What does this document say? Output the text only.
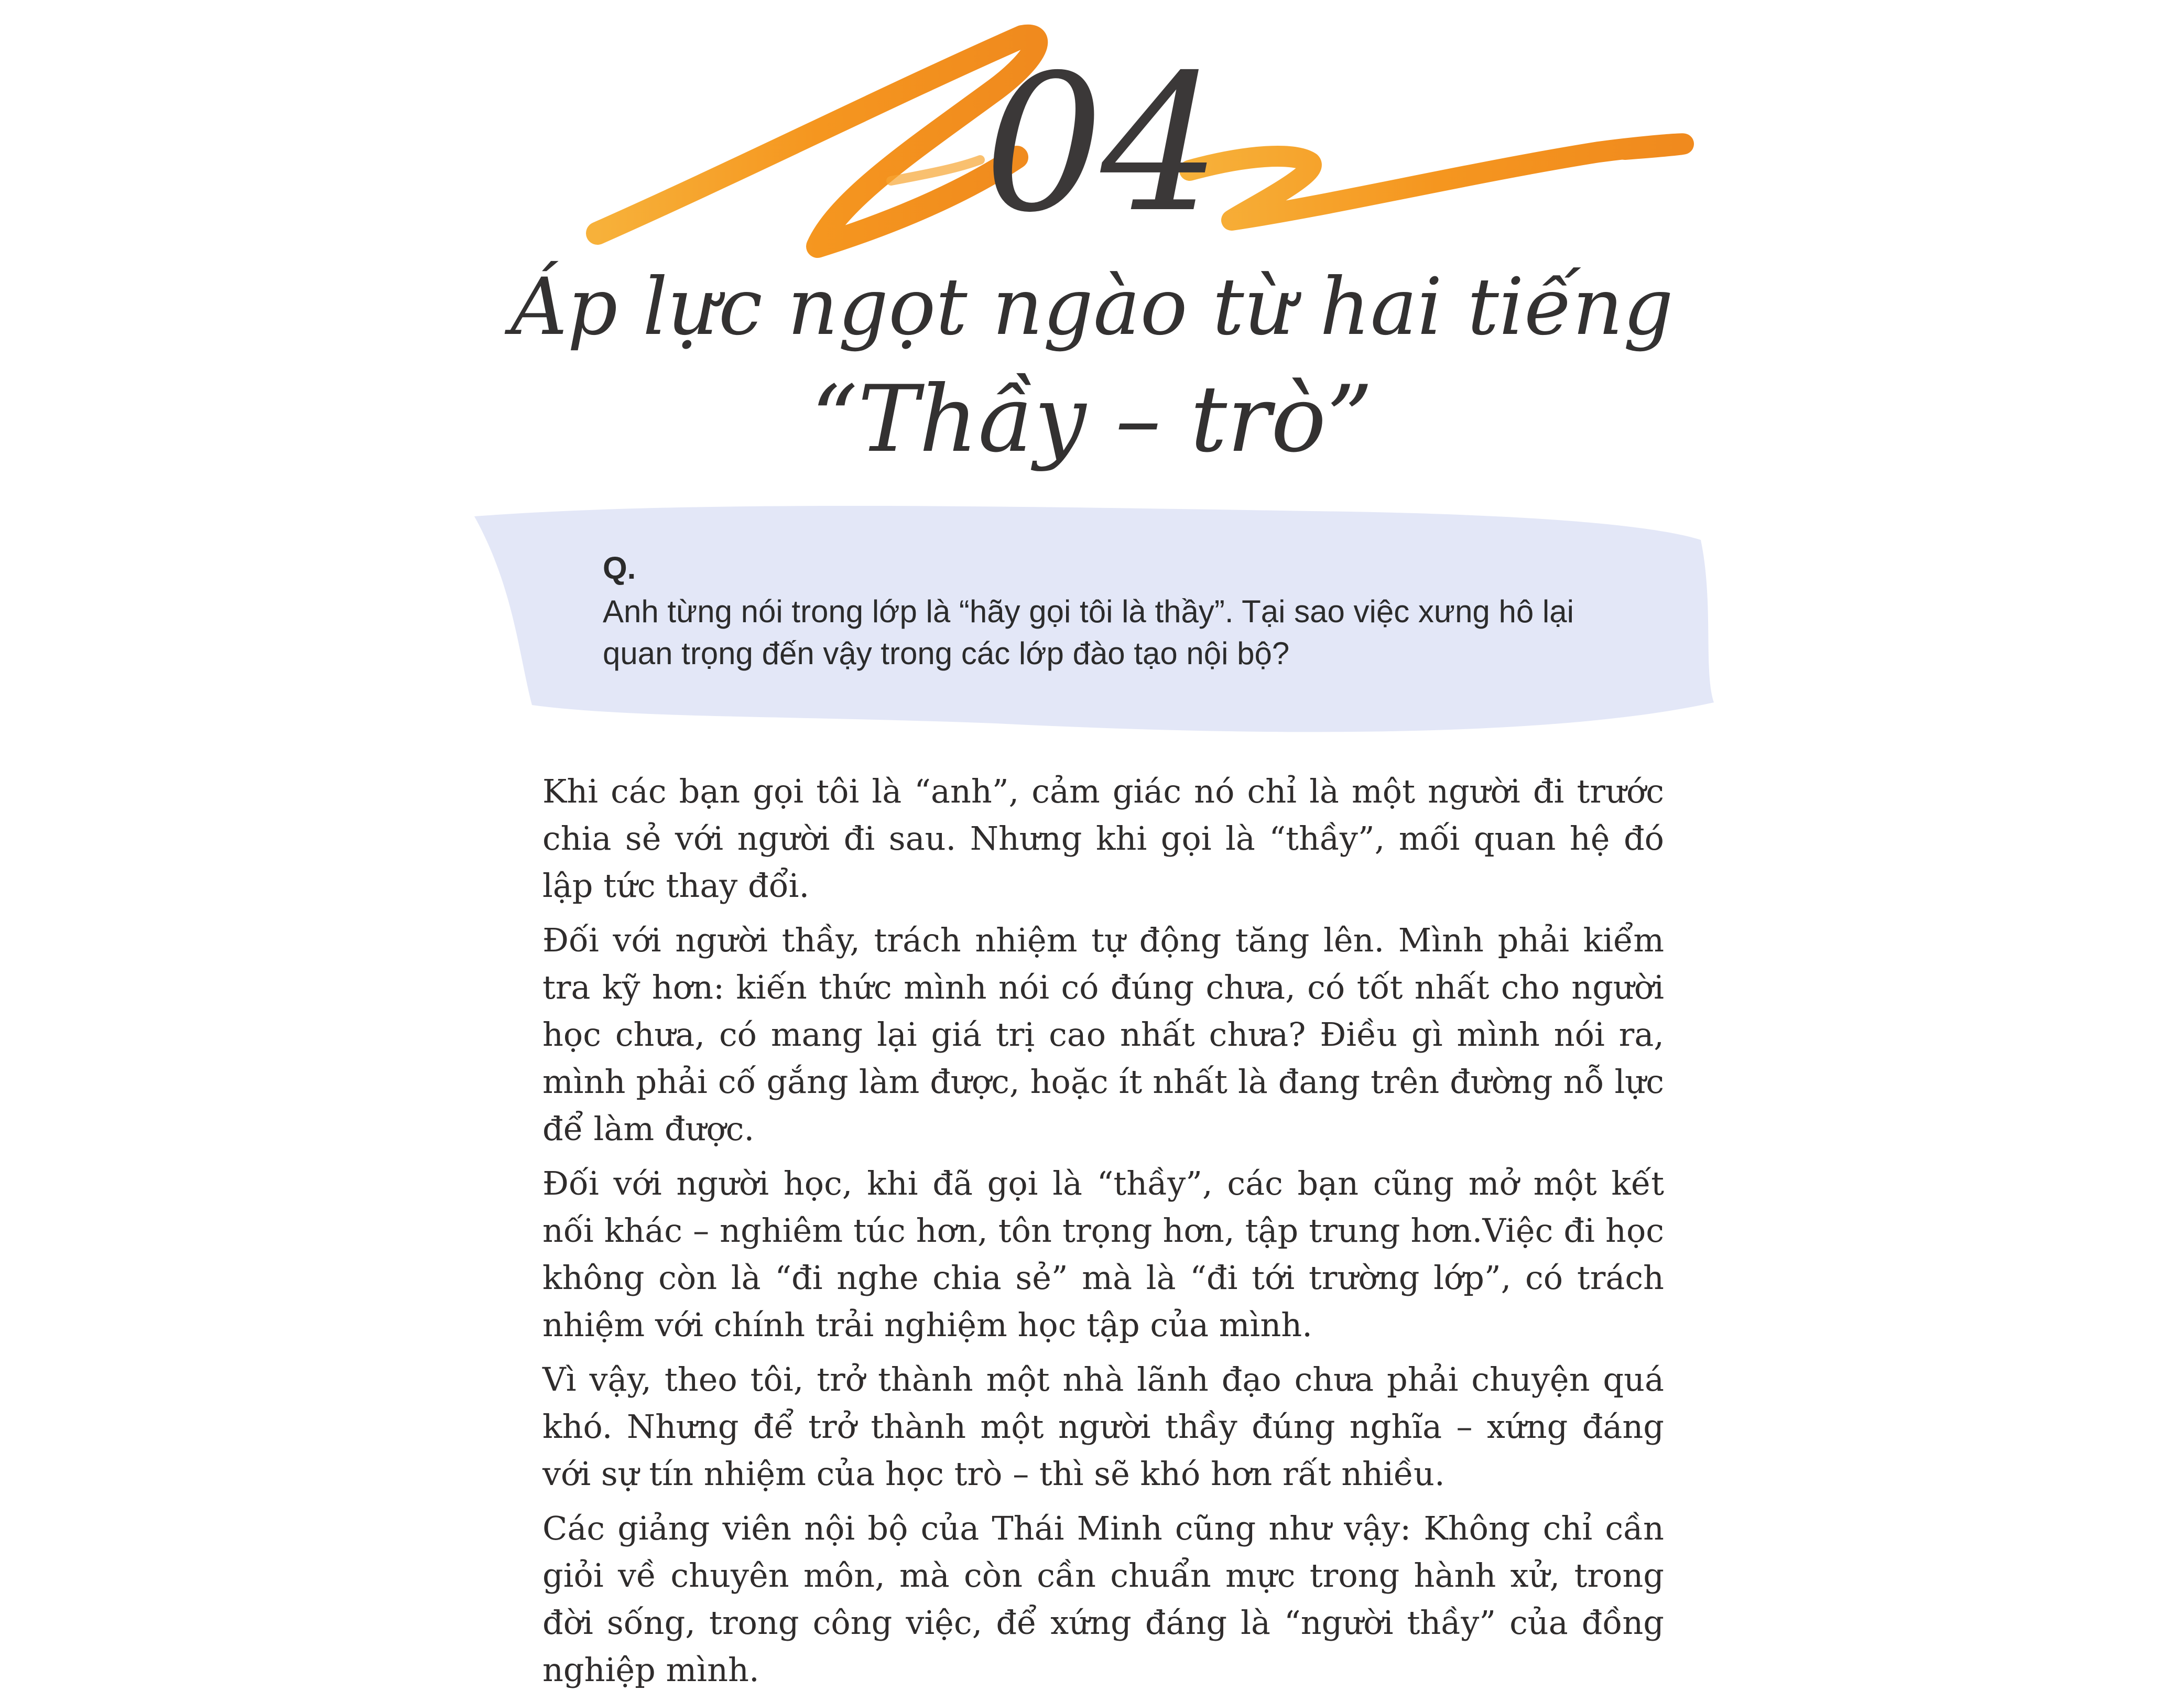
04
Áp lực ngọt ngào từ hai tiếng
“Thầy – trò”
Q.
Anh từng nói trong lớp là “hãy gọi tôi là thầy”. Tại sao việc xưng hô lại quan trọng đến vậy trong các lớp đào tạo nội bộ?

Khi các bạn gọi tôi là “anh”, cảm giác nó chỉ là một người đi trước chia sẻ với người đi sau. Nhưng khi gọi là “thầy”, mối quan hệ đó lập tức thay đổi.

Đối với người thầy, trách nhiệm tự động tăng lên. Mình phải kiểm tra kỹ hơn: kiến thức mình nói có đúng chưa, có tốt nhất cho người học chưa, có mang lại giá trị cao nhất chưa? Điều gì mình nói ra, mình phải cố gắng làm được, hoặc ít nhất là đang trên đường nỗ lực để làm được.

Đối với người học, khi đã gọi là “thầy”, các bạn cũng mở một kết nối khác – nghiêm túc hơn, tôn trọng hơn, tập trung hơn.Việc đi học không còn là “đi nghe chia sẻ” mà là “đi tới trường lớp”, có trách nhiệm với chính trải nghiệm học tập của mình.

Vì vậy, theo tôi, trở thành một nhà lãnh đạo chưa phải chuyện quá khó. Nhưng để trở thành một người thầy đúng nghĩa – xứng đáng với sự tín nhiệm của học trò – thì sẽ khó hơn rất nhiều.

Các giảng viên nội bộ của Thái Minh cũng như vậy: Không chỉ cần giỏi về chuyên môn, mà còn cần chuẩn mực trong hành xử, trong đời sống, trong công việc, để xứng đáng là “người thầy” của đồng nghiệp mình.
